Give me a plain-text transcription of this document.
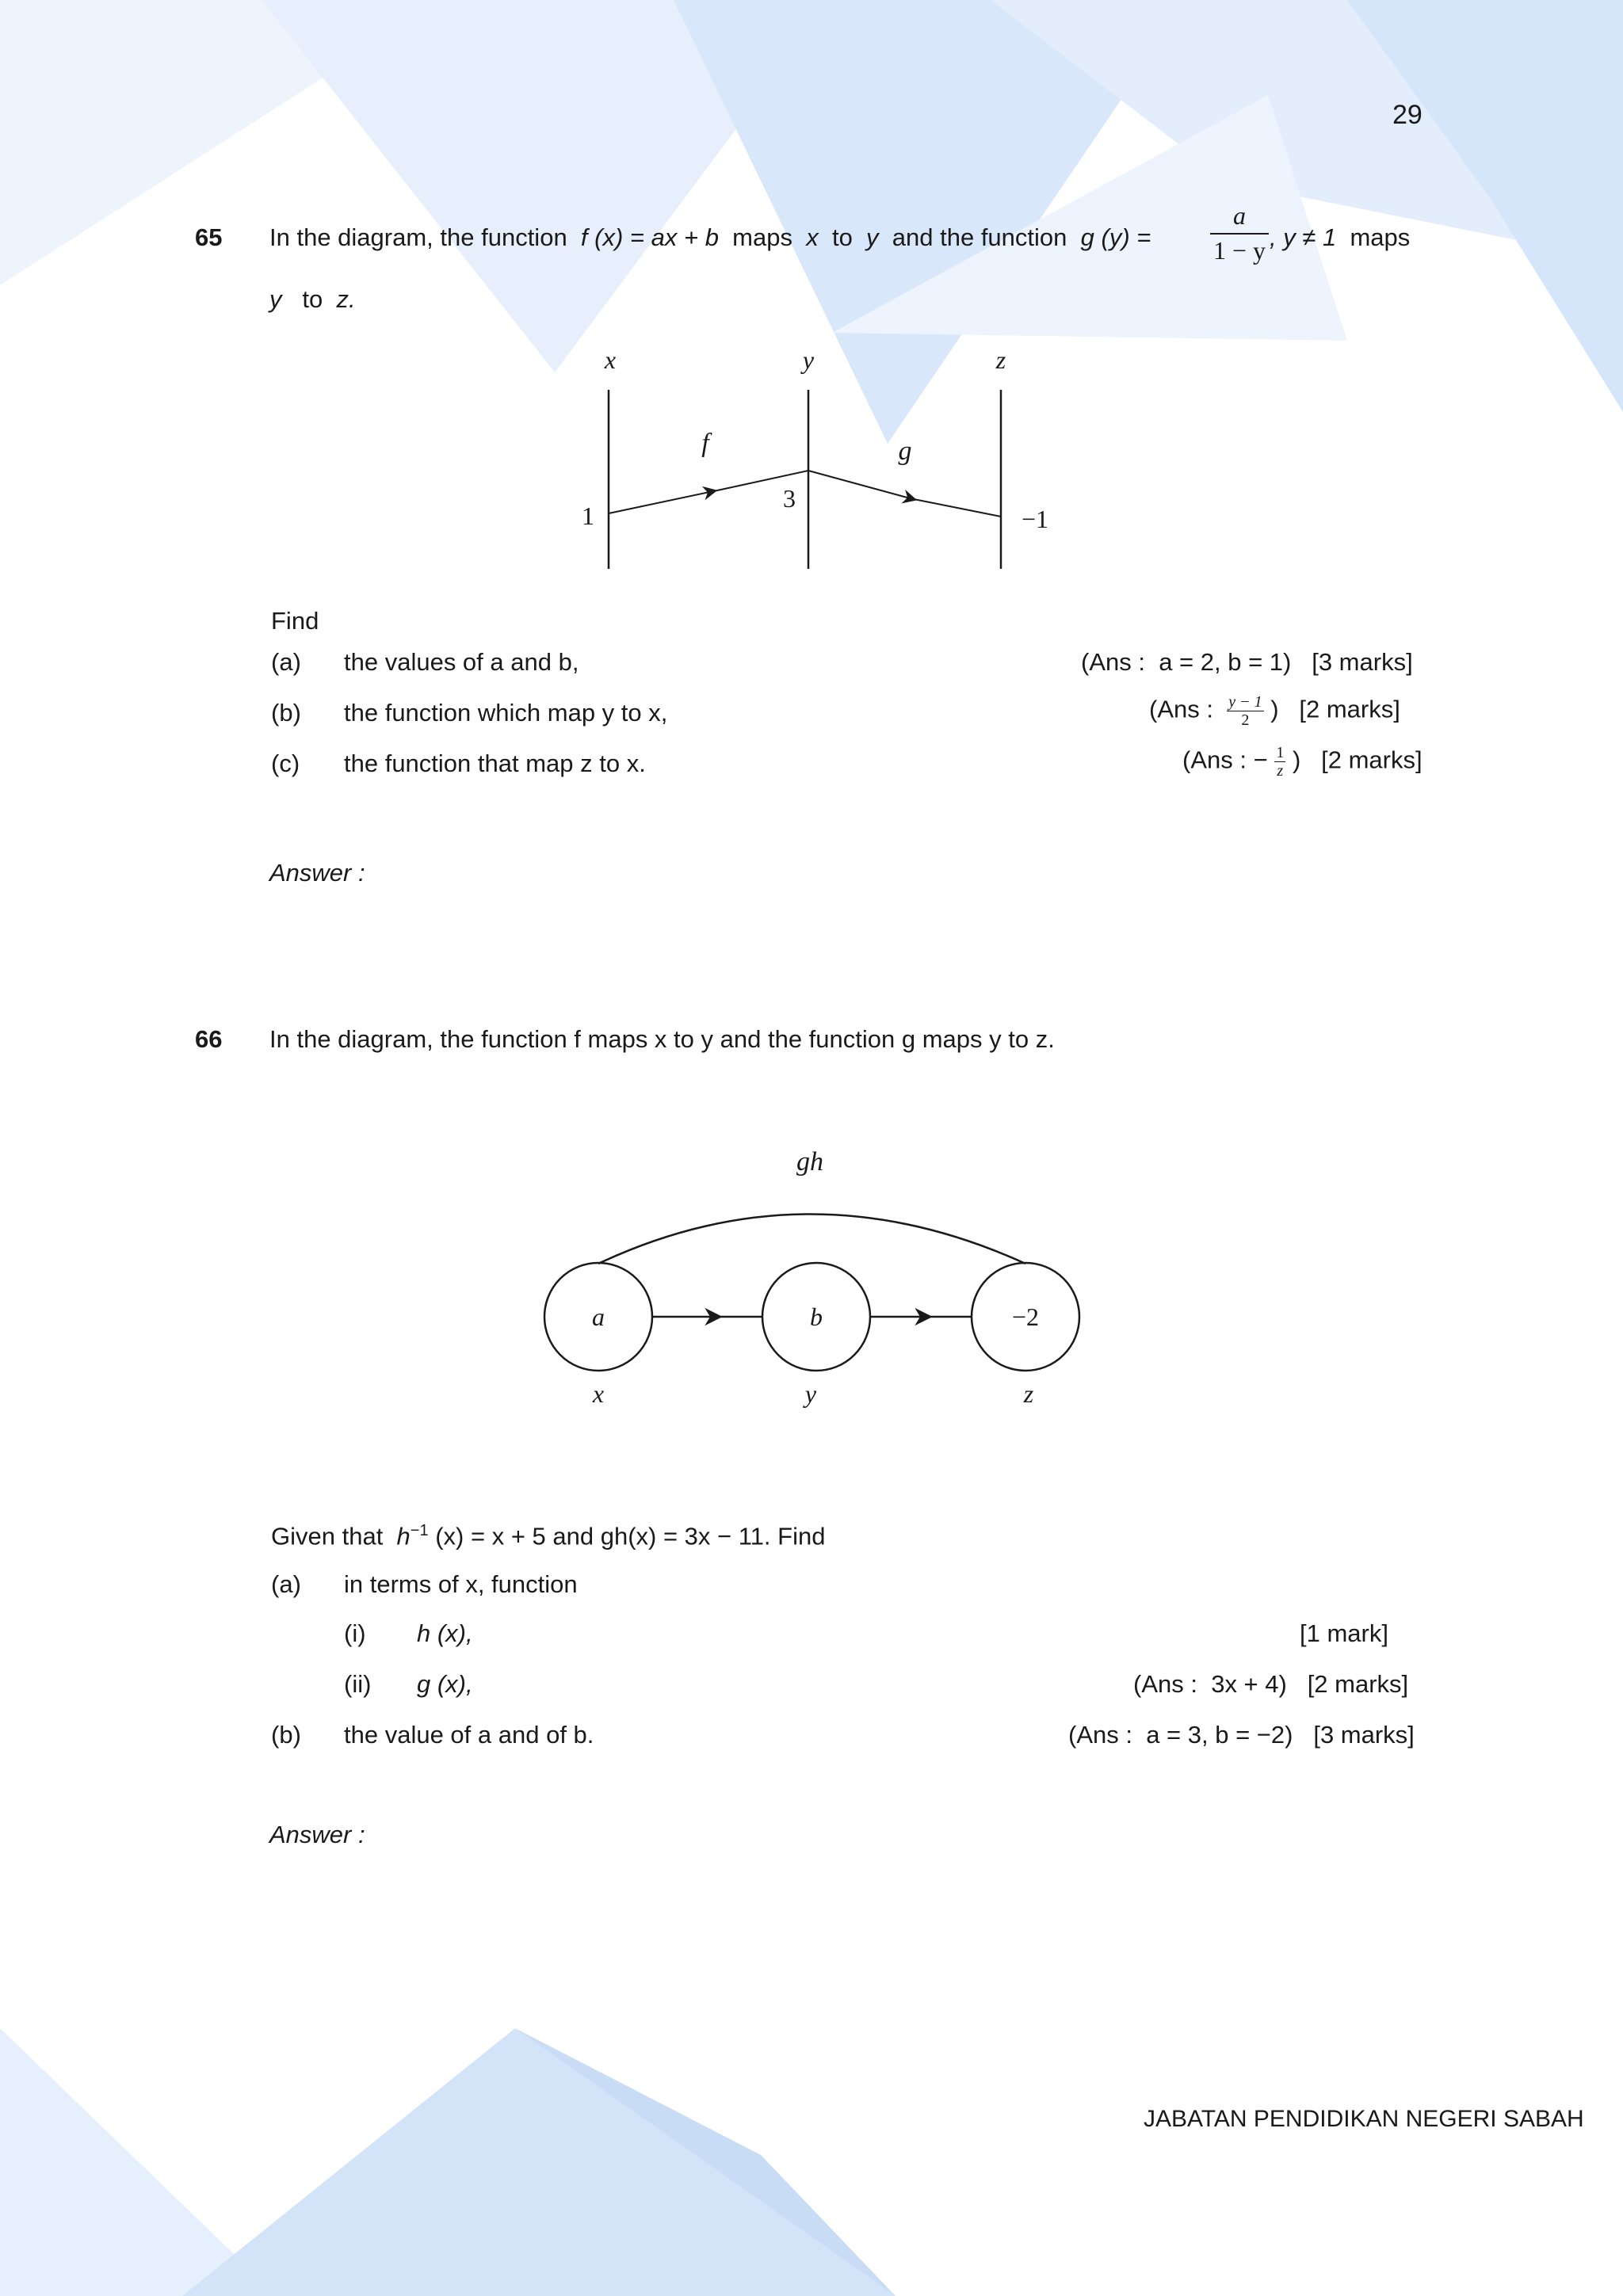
29
65 In the diagram, the function f (x) = ax + b maps x to y and the function g $(y) = \frac{a}{1 - y}$ , y ≠ 1 maps
y to z.
x	y	z
f	g
1
3
−1
Find
(a) the values of a and b,	(Ans : a = 2, b = 1) [3 marks]
(b) the function which map y to x,	(Ans : $\frac{y - 1}{2}$ ) [2 marks]
(c) the function that map z to x.	(Ans : − $\frac{1}{z}$ ) [2 marks]
Answer :
66 In the diagram, the function f maps x to y and the function g maps y to z.
gh
a	b	−2
x	y	z
Given that $h^{-1}$ (x) = x + 5 and gh(x) = 3x − 11. Find
(a) in terms of x, function
(i) h (x),	[1 mark]
(ii) g (x),	(Ans : 3x + 4) [2 marks]
(b) the value of a and of b.	(Ans : a = 3, b = −2) [3 marks]
Answer :
JABATAN PENDIDIKAN NEGERI SABAH
